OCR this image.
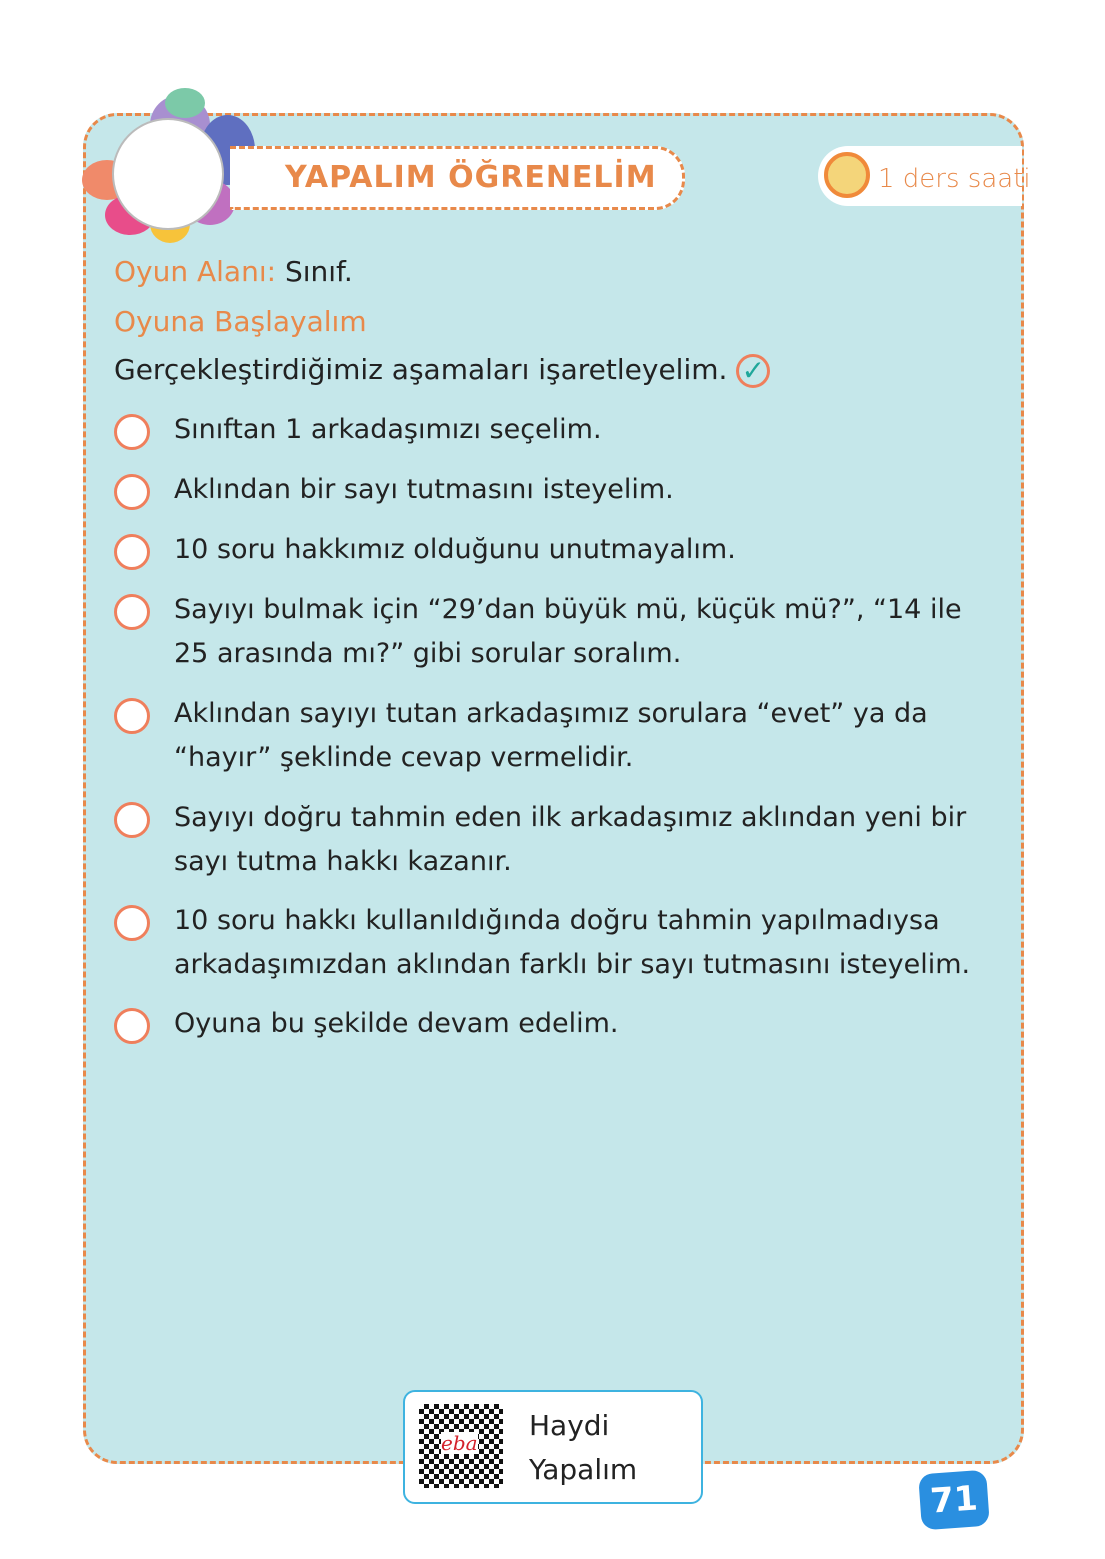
YAPALIM ÖĞRENELİM	1 ders saati
Oyun Alanı: Sınıf.
Oyuna Başlayalım
Gerçekleştirdiğimiz aşamaları işaretleyelim. ✓
Sınıftan 1 arkadaşımızı seçelim.
Aklından bir sayı tutmasını isteyelim.
10 soru hakkımız olduğunu unutmayalım.
Sayıyı bulmak için “29’dan büyük mü, küçük mü?”, “14 ile 25 arasında mı?” gibi sorular soralım.
Aklından sayıyı tutan arkadaşımız sorulara “evet” ya da “hayır” şeklinde cevap vermelidir.
Sayıyı doğru tahmin eden ilk arkadaşımız aklından yeni bir sayı tutma hakkı kazanır.
10 soru hakkı kullanıldığında doğru tahmin yapılmadıysa arkadaşımızdan aklından farklı bir sayı tutmasını isteyelim.
Oyuna bu şekilde devam edelim.
eba
Haydi
Yapalım
71
